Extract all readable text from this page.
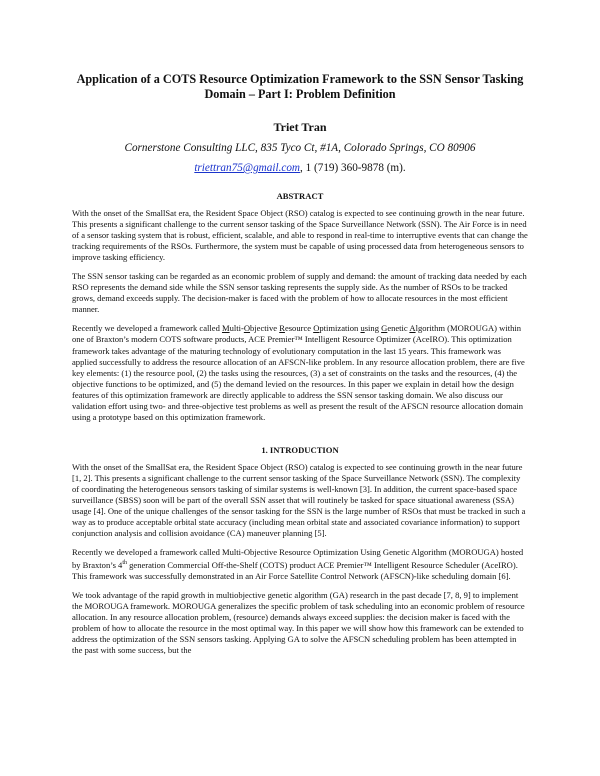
Application of a COTS Resource Optimization Framework to the SSN Sensor Tasking
Domain – Part I: Problem Definition
Triet Tran
Cornerstone Consulting LLC, 835 Tyco Ct, #1A, Colorado Springs, CO 80906
triettran75@gmail.com, 1 (719) 360-9878 (m).
ABSTRACT

With the onset of the SmallSat era, the Resident Space Object (RSO) catalog is expected to see continuing growth in the near future. This presents a significant challenge to the current sensor tasking of the Space Surveillance Network (SSN). The Air Force is in need of a sensor tasking system that is robust, efficient, scalable, and able to respond in real-time to interruptive events that can change the tracking requirements of the RSOs. Furthermore, the system must be capable of using processed data from heterogeneous sensors to improve tasking efficiency.

The SSN sensor tasking can be regarded as an economic problem of supply and demand: the amount of tracking data needed by each RSO represents the demand side while the SSN sensor tasking represents the supply side. As the number of RSOs to be tracked grows, demand exceeds supply. The decision-maker is faced with the problem of how to allocate resources in the most efficient manner.

Recently we developed a framework called Multi-Objective Resource Optimization using Genetic Algorithm (MOROUGA) within one of Braxton’s modern COTS software products, ACE Premier™ Intelligent Resource Optimizer (AceIRO). This optimization framework takes advantage of the maturing technology of evolutionary computation in the last 15 years. This framework was applied successfully to address the resource allocation of an AFSCN-like problem. In any resource allocation problem, there are five key elements: (1) the resource pool, (2) the tasks using the resources, (3) a set of constraints on the tasks and the resources, (4) the objective functions to be optimized, and (5) the demand levied on the resources. In this paper we explain in detail how the design features of this optimization framework are directly applicable to address the SSN sensor tasking domain. We also discuss our validation effort using two- and three-objective test problems as well as present the result of the AFSCN resource allocation domain using a prototype based on this optimization framework.

1. INTRODUCTION

With the onset of the SmallSat era, the Resident Space Object (RSO) catalog is expected to see continuing growth in the near future [1, 2]. This presents a significant challenge to the current sensor tasking of the Space Surveillance Network (SSN). The complexity of coordinating the heterogeneous sensors tasking of similar systems is well-known [3]. In addition, the current space-based space surveillance (SBSS) soon will be part of the overall SSN asset that will routinely be tasked for space situational awareness (SSA) usage [4]. One of the unique challenges of the sensor tasking for the SSN is the large number of RSOs that must be tracked in such a way as to produce acceptable orbital state accuracy (including mean orbital state and associated covariance information) to support conjunction analysis and collision avoidance (CA) maneuver planning [5].

Recently we developed a framework called Multi-Objective Resource Optimization Using Genetic Algorithm (MOROUGA) hosted by Braxton’s 4th generation Commercial Off-the-Shelf (COTS) product ACE Premier™ Intelligent Resource Scheduler (AceIRO). This framework was successfully demonstrated in an Air Force Satellite Control Network (AFSCN)-like scheduling domain [6].

We took advantage of the rapid growth in multiobjective genetic algorithm (GA) research in the past decade [7, 8, 9] to implement the MOROUGA framework. MOROUGA generalizes the specific problem of task scheduling into an economic problem of resource allocation. In any resource allocation problem, (resource) demands always exceed supplies: the decision maker is faced with the problem of how to allocate the resource in the most optimal way. In this paper we will show how this framework can be extended to address the optimization of the SSN sensors tasking. Applying GA to solve the AFSCN scheduling problem has been attempted in the past with some success, but the
